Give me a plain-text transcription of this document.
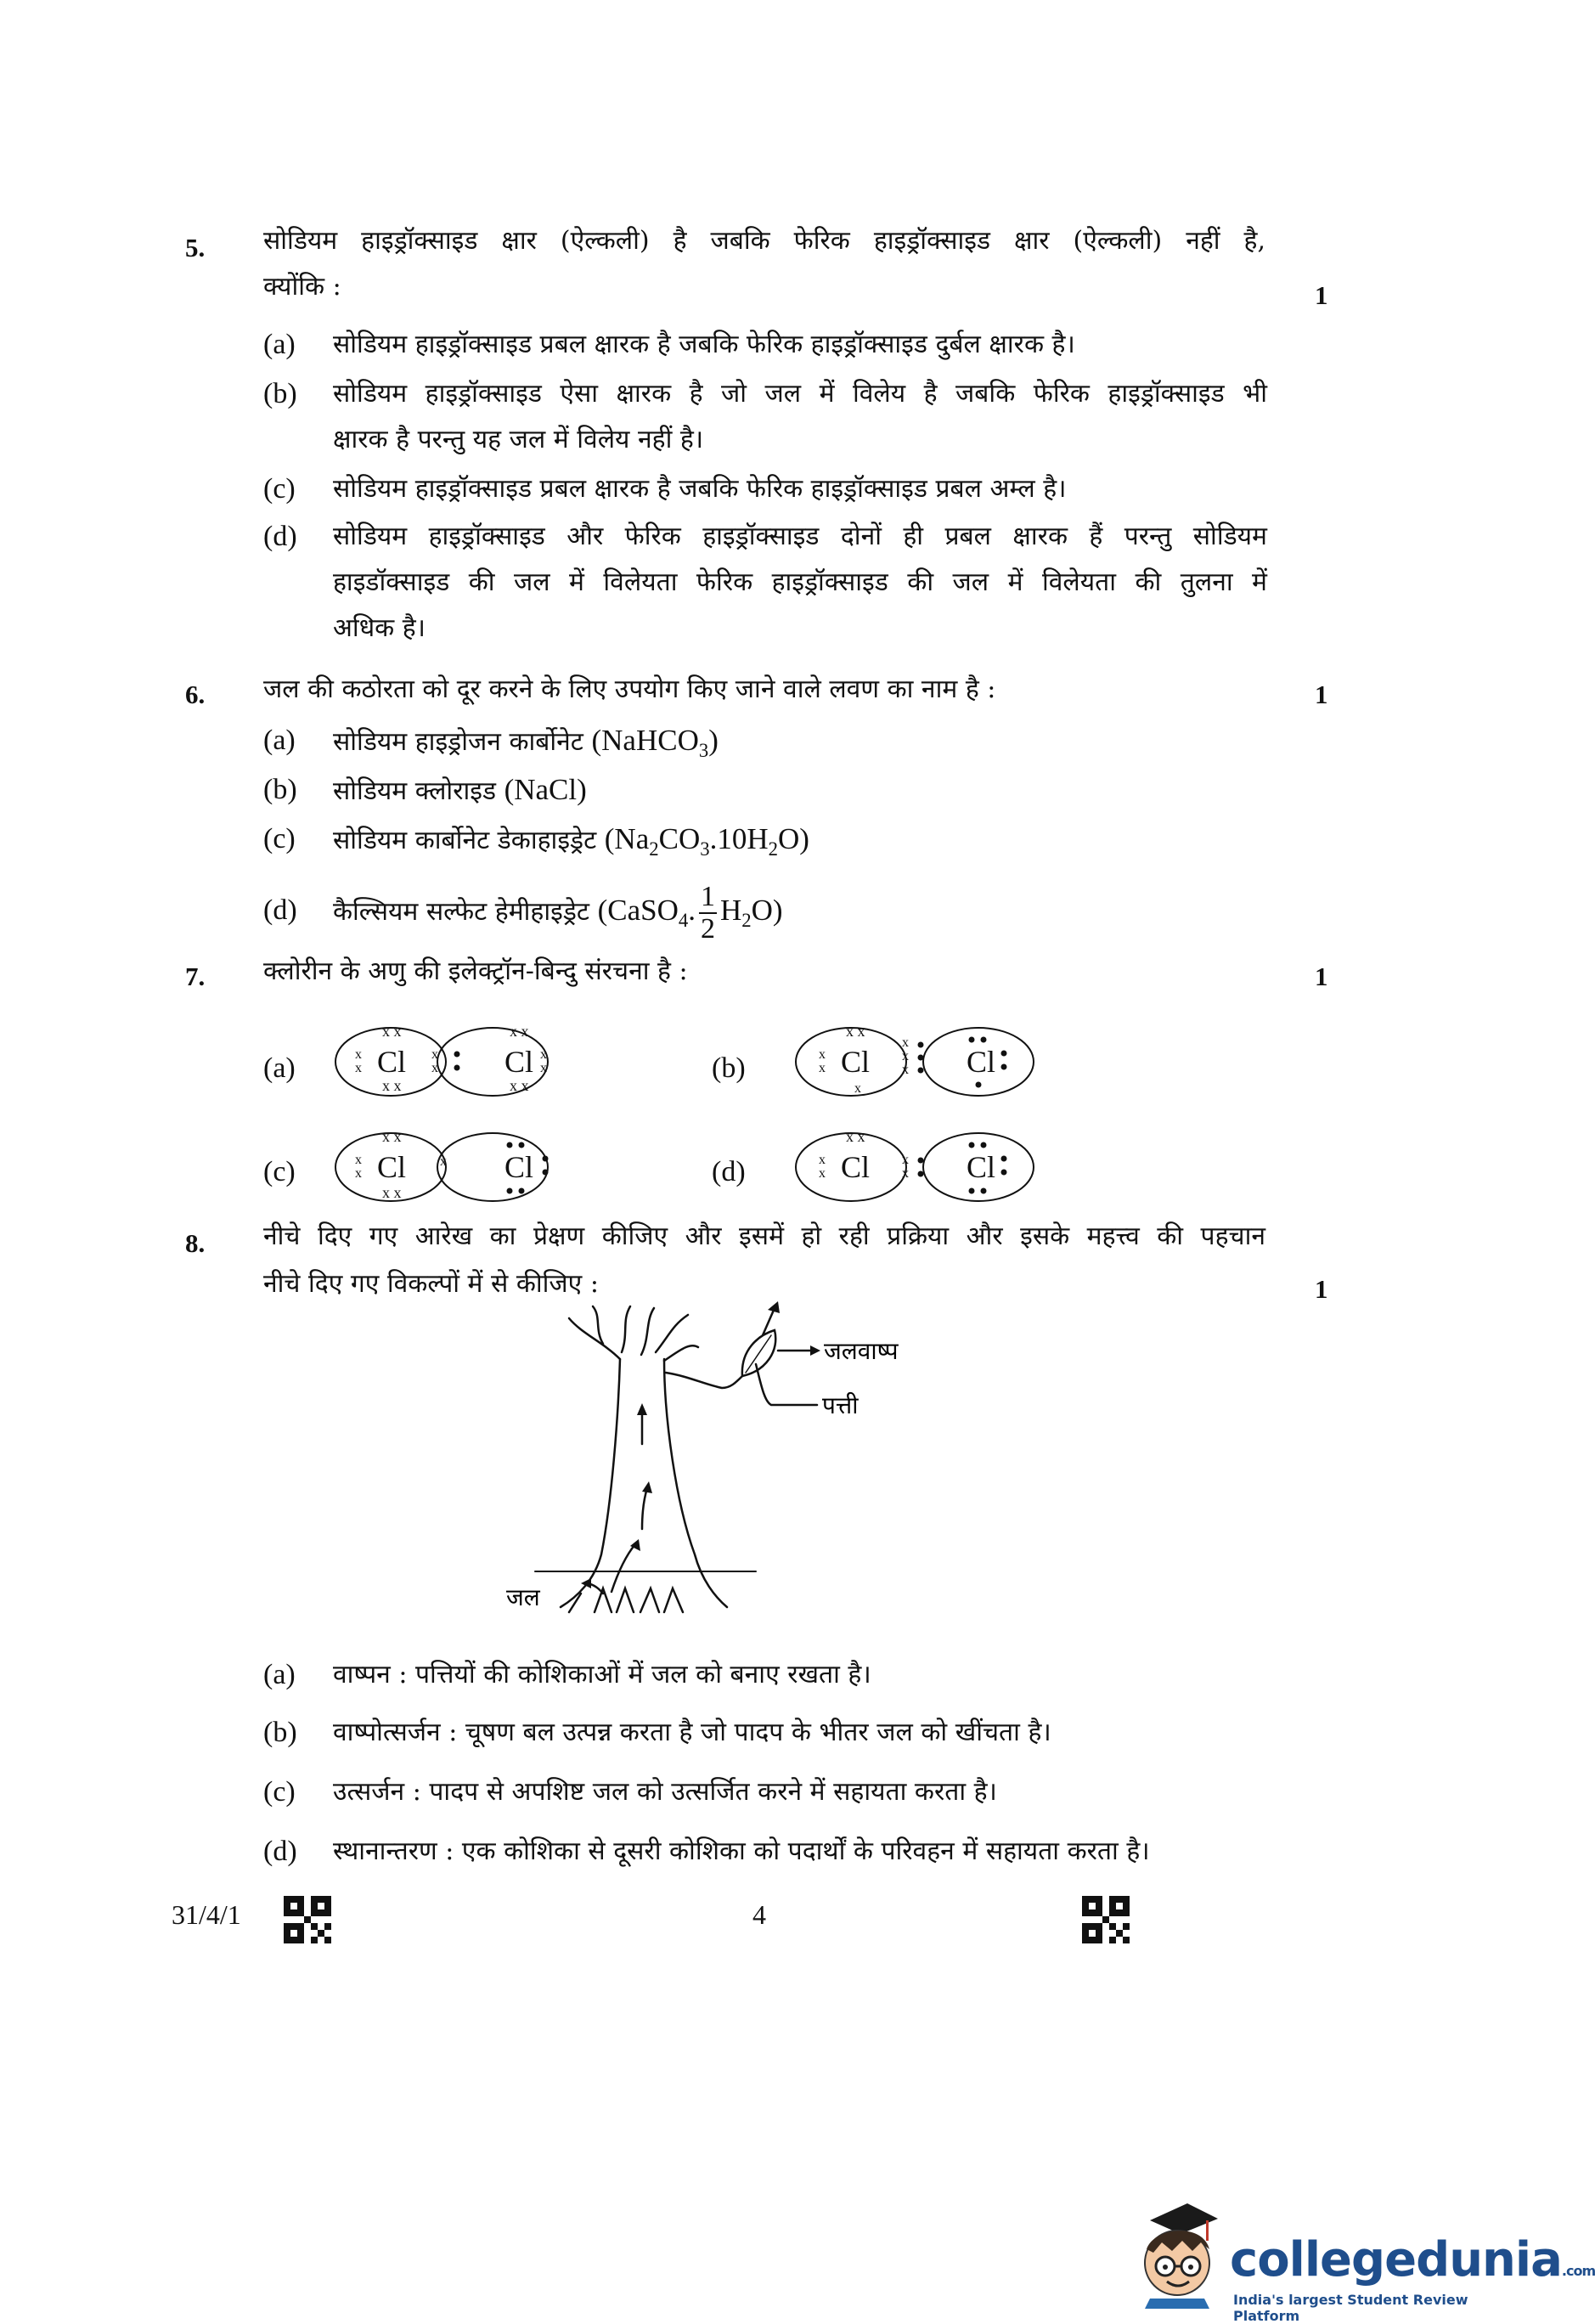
5. सोडियम हाइड्रॉक्साइड क्षार (ऐल्कली) है जबकि फेरिक हाइड्रॉक्साइड क्षार (ऐल्कली) नहीं है,
क्योंकि :	1
(a) सोडियम हाइड्रॉक्साइड प्रबल क्षारक है जबकि फेरिक हाइड्रॉक्साइड दुर्बल क्षारक है।
(b) सोडियम हाइड्रॉक्साइड ऐसा क्षारक है जो जल में विलेय है जबकि फेरिक हाइड्रॉक्साइड भी
क्षारक है परन्तु यह जल में विलेय नहीं है।
(c) सोडियम हाइड्रॉक्साइड प्रबल क्षारक है जबकि फेरिक हाइड्रॉक्साइड प्रबल अम्ल है।
(d) सोडियम हाइड्रॉक्साइड और फेरिक हाइड्रॉक्साइड दोनों ही प्रबल क्षारक हैं परन्तु सोडियम
हाइडॉक्साइड की जल में विलेयता फेरिक हाइड्रॉक्साइड की जल में विलेयता की तुलना में
अधिक है।
6. जल की कठोरता को दूर करने के लिए उपयोग किए जाने वाले लवण का नाम है :	1
(a) सोडियम हाइड्रोजन कार्बोनेट (NaHCO$_3$)
(b) सोडियम क्लोराइड (NaCl)
(c) सोडियम कार्बोनेट डेकाहाइड्रेट $(Na_2CO_3.10H_2O)$
(d) कैल्सियम सल्फेट हेमीहाइड्रेट (CaSO$_4$. $\frac{1}{2} H_2O$)
7. क्लोरीन के अणु की इलेक्ट्रॉन-बिन्दु संरचना है :	1
(a)	(b)
(c)	(d)
Cl	Cl
x x
x x
x
x
x
x
x x
x x
x
x	Cl	Cl
x x
x
x
x
x
x
x
Cl	Cl
x x
x x
x
x
x	Cl	Cl
x x
x
x
x
x
8. नीचे दिए गए आरेख का प्रेक्षण कीजिए और इसमें हो रही प्रक्रिया और इसके महत्त्व की पहचान
नीचे दिए गए विकल्पों में से कीजिए :	1
जलवाष्प
पत्ती
जल
(a) वाष्पन : पत्तियों की कोशिकाओं में जल को बनाए रखता है।
(b) वाष्पोत्सर्जन : चूषण बल उत्पन्न करता है जो पादप के भीतर जल को खींचता है।
(c) उत्सर्जन : पादप से अपशिष्ट जल को उत्सर्जित करने में सहायता करता है।
(d) स्थानान्तरण : एक कोशिका से दूसरी कोशिका को पदार्थों के परिवहन में सहायता करता है।
31/4/1	4
collegedunia.com
India's largest Student Review Platform
